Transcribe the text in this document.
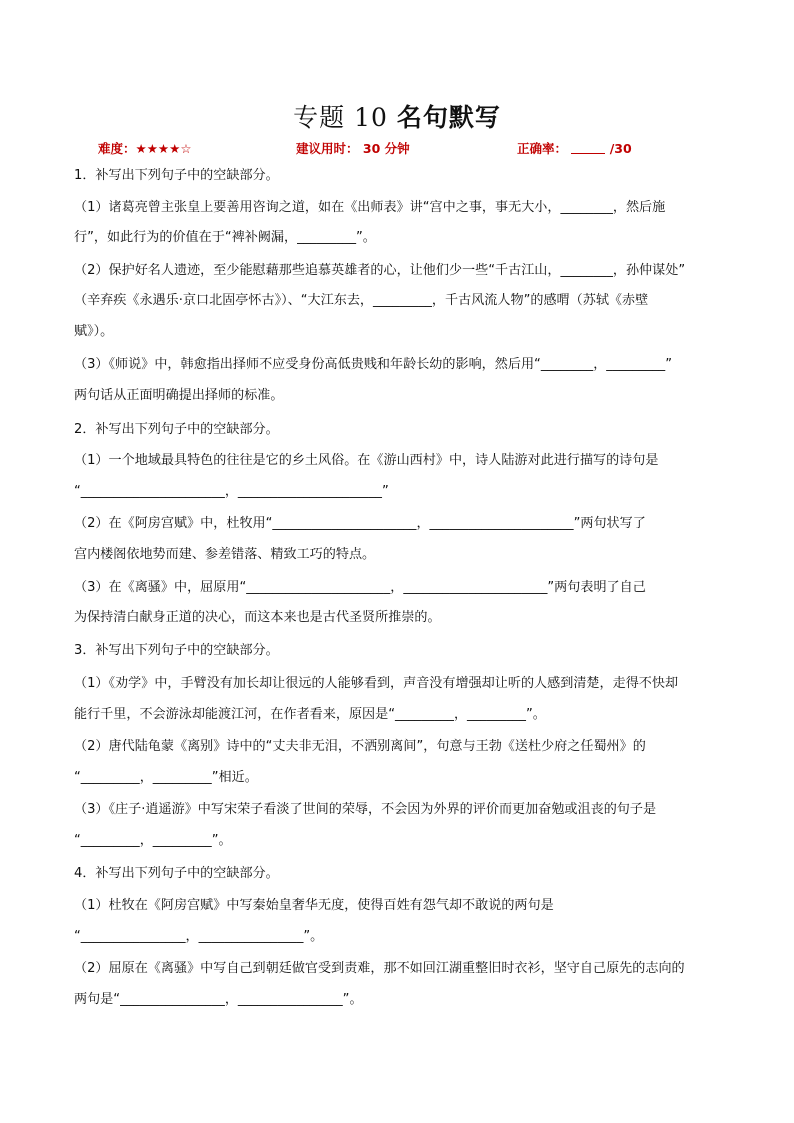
专题 10 名句默写
难度：★★★★☆	建议用时： 30 分钟	正确率：	/30
1．补写出下列句子中的空缺部分。
（1）诸葛亮曾主张皇上要善用咨询之道，如在《出师表》讲“宫中之事，事无大小，________，然后施
行”，如此行为的价值在于“裨补阙漏，_________”。
（2）保护好名人遗迹，至少能慰藉那些追慕英雄者的心，让他们少一些“千古江山，________，孙仲谋处”
（辛弃疾《永遇乐·京口北固亭怀古》）、“大江东去，_________，千古风流人物”的感喟（苏轼《赤壁
赋》）。
（3）《师说》中，韩愈指出择师不应受身份高低贵贱和年龄长幼的影响，然后用“________，_________”
两句话从正面明确提出择师的标准。
2．补写出下列句子中的空缺部分。
（1）一个地域最具特色的往往是它的乡土风俗。在《游山西村》中，诗人陆游对此进行描写的诗句是
“______________________，______________________”
（2）在《阿房宫赋》中，杜牧用“______________________，______________________”两句状写了
宫内楼阁依地势而建、参差错落、精致工巧的特点。
（3）在《离骚》中，屈原用“______________________，______________________”两句表明了自己
为保持清白献身正道的决心，而这本来也是古代圣贤所推崇的。
3．补写出下列句子中的空缺部分。
（1）《劝学》中，手臂没有加长却让很远的人能够看到，声音没有增强却让听的人感到清楚，走得不快却
能行千里，不会游泳却能渡江河，在作者看来，原因是“_________，_________”。
（2）唐代陆龟蒙《离别》诗中的“丈夫非无泪，不洒别离间”，句意与王勃《送杜少府之任蜀州》的
“_________，_________”相近。
（3）《庄子·逍遥游》中写宋荣子看淡了世间的荣辱，不会因为外界的评价而更加奋勉或沮丧的句子是
“_________，_________”。
4．补写出下列句子中的空缺部分。
（1）杜牧在《阿房宫赋》中写秦始皇奢华无度，使得百姓有怨气却不敢说的两句是
“________________，________________”。
（2）屈原在《离骚》中写自己到朝廷做官受到责难，那不如回江湖重整旧时衣衫，坚守自己原先的志向的
两句是“________________，________________”。
